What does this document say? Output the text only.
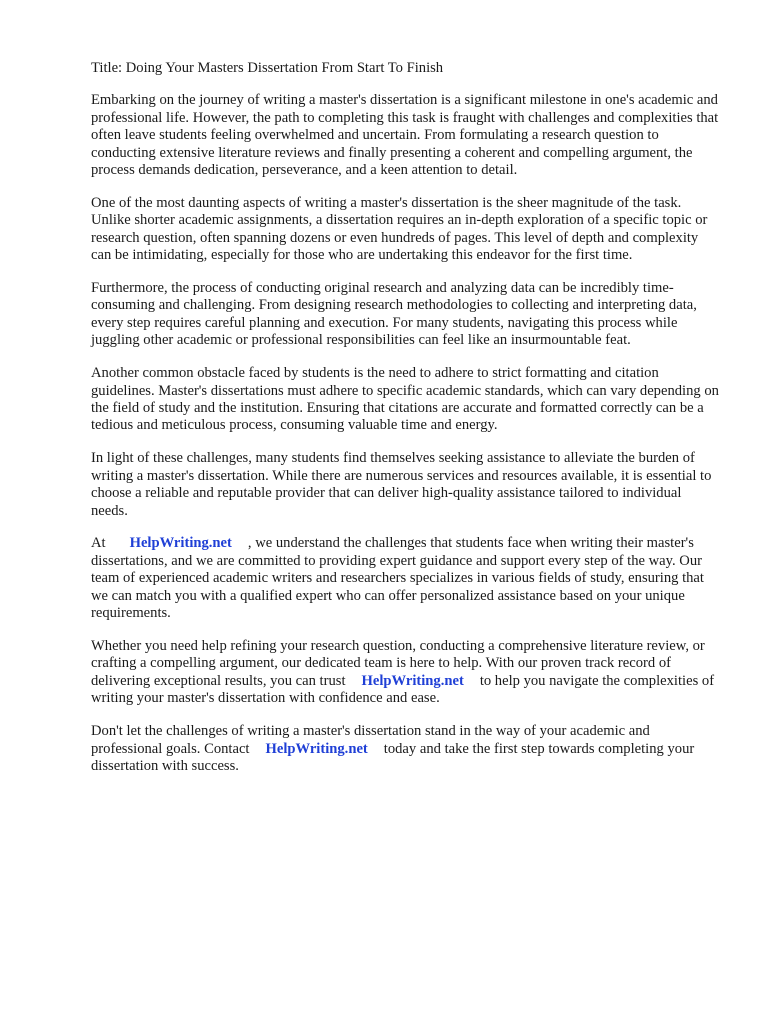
Title: Doing Your Masters Dissertation From Start To Finish

Embarking on the journey of writing a master's dissertation is a significant milestone in one's academic and professional life. However, the path to completing this task is fraught with challenges and complexities that often leave students feeling overwhelmed and uncertain. From formulating a research question to conducting extensive literature reviews and finally presenting a coherent and compelling argument, the process demands dedication, perseverance, and a keen attention to detail.

One of the most daunting aspects of writing a master's dissertation is the sheer magnitude of the task. Unlike shorter academic assignments, a dissertation requires an in-depth exploration of a specific topic or research question, often spanning dozens or even hundreds of pages. This level of depth and complexity can be intimidating, especially for those who are undertaking this endeavor for the first time.

Furthermore, the process of conducting original research and analyzing data can be incredibly time-consuming and challenging. From designing research methodologies to collecting and interpreting data, every step requires careful planning and execution. For many students, navigating this process while juggling other academic or professional responsibilities can feel like an insurmountable feat.

Another common obstacle faced by students is the need to adhere to strict formatting and citation guidelines. Master's dissertations must adhere to specific academic standards, which can vary depending on the field of study and the institution. Ensuring that citations are accurate and formatted correctly can be a tedious and meticulous process, consuming valuable time and energy.

In light of these challenges, many students find themselves seeking assistance to alleviate the burden of writing a master's dissertation. While there are numerous services and resources available, it is essential to choose a reliable and reputable provider that can deliver high-quality assistance tailored to individual needs.

At HelpWriting.net , we understand the challenges that students face when writing their master's dissertations, and we are committed to providing expert guidance and support every step of the way. Our team of experienced academic writers and researchers specializes in various fields of study, ensuring that we can match you with a qualified expert who can offer personalized assistance based on your unique requirements.

Whether you need help refining your research question, conducting a comprehensive literature review, or crafting a compelling argument, our dedicated team is here to help. With our proven track record of delivering exceptional results, you can trust HelpWriting.net to help you navigate the complexities of writing your master's dissertation with confidence and ease.

Don't let the challenges of writing a master's dissertation stand in the way of your academic and professional goals. Contact HelpWriting.net today and take the first step towards completing your dissertation with success.
